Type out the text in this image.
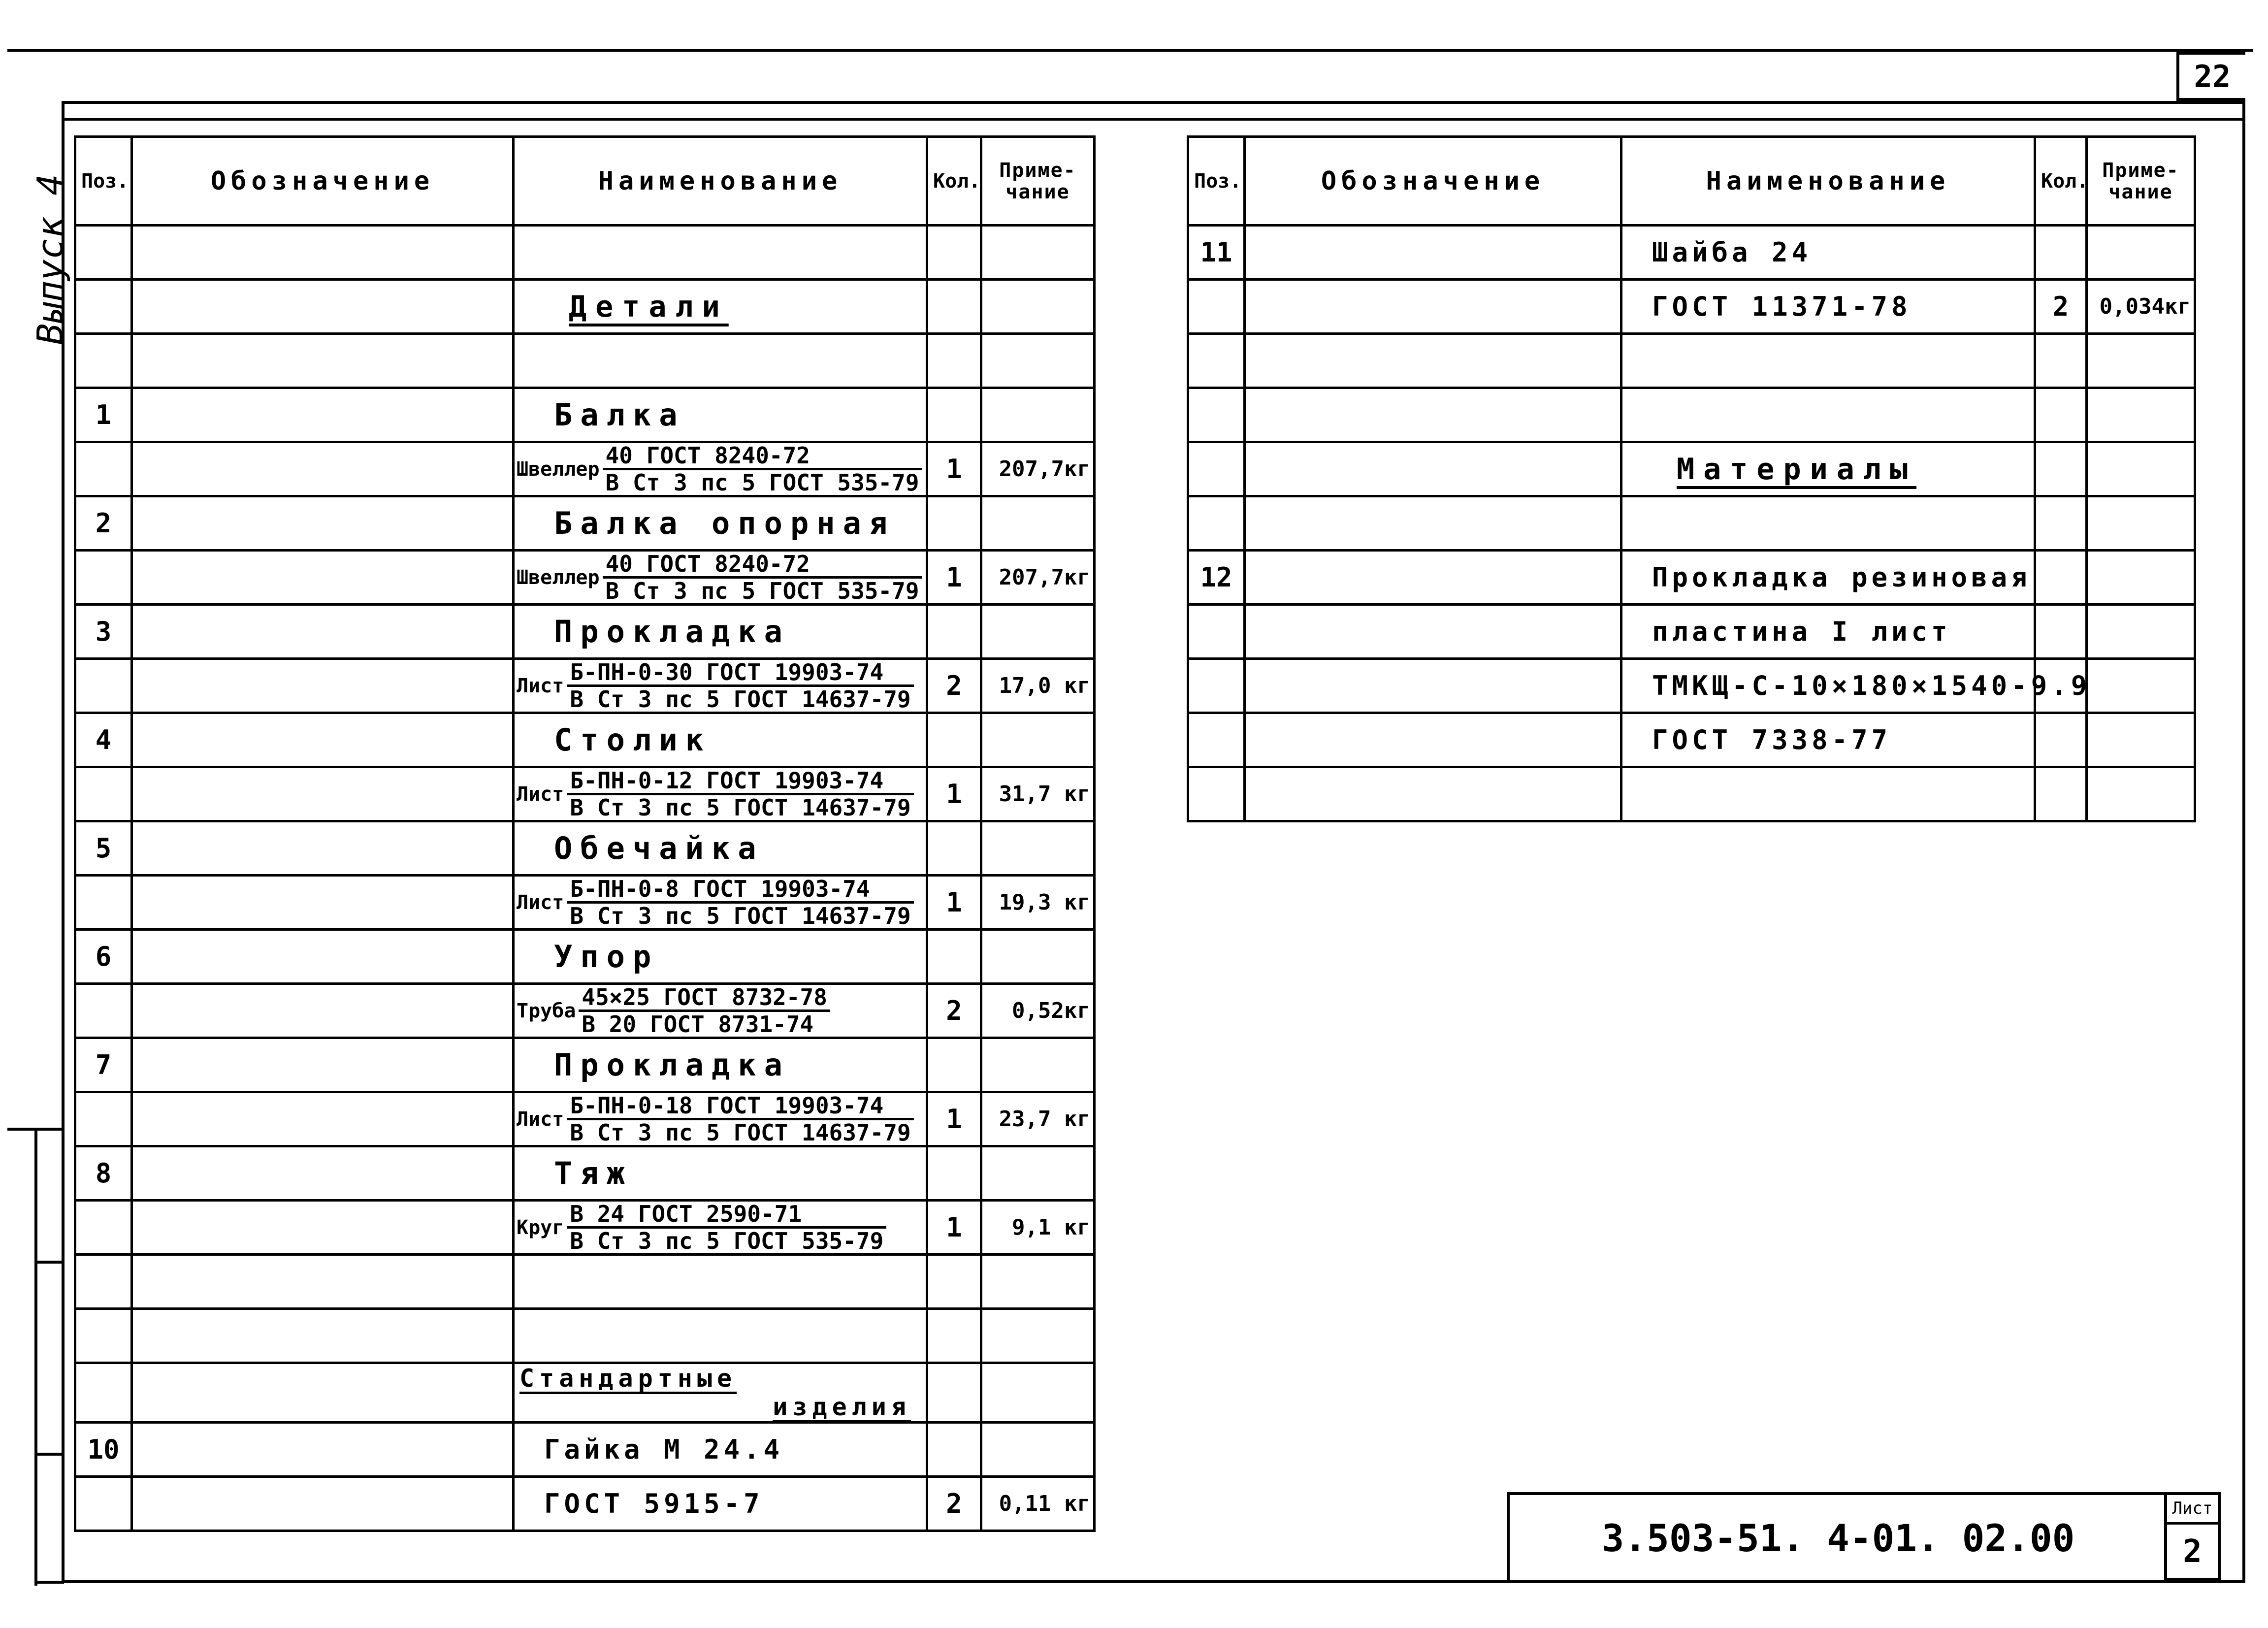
22
Выпуск 4 Поз.	Обозначение	Наименование	Кол.	Приме-чание

		Детали		

1		Балка		

		Швеллер $\frac{\text{40 ГОСТ 8240-72}}{\text{В Ст 3 пс 5 ГОСТ 535-79}}$	1	207,7кг
2		Балка опорная		

		Швеллер $\frac{\text{40 ГОСТ 8240-72}}{\text{В Ст 3 пс 5 ГОСТ 535-79}}$	1	207,7кг
3		Прокладка		

		Лист $\frac{\text{Б-ПН-0-30 ГОСТ 19903-74}}{\text{В Ст 3 пс 5 ГОСТ 14637-79}}$	2	17,0 кг
4		Столик		

		Лист $\frac{\text{Б-ПН-0-12 ГОСТ 19903-74}}{\text{В Ст 3 пс 5 ГОСТ 14637-79}}$	1	31,7 кг
5		Обечайка		

		Лист $\frac{\text{Б-ПН-0-8 ГОСТ 19903-74}}{\text{В Ст 3 пс 5 ГОСТ 14637-79}}$	1	19,3 кг
6		Упор		

		Труба $\frac{\text{45×25 ГОСТ 8732-78}}{\text{В 20 ГОСТ 8731-74}}$	2	0,52кг
7		Прокладка		

		Лист $\frac{\text{Б-ПН-0-18 ГОСТ 19903-74}}{\text{В Ст 3 пс 5 ГОСТ 14637-79}}$	1	23,7 кг
8		Тяж		

		Круг $\frac{\text{В 24 ГОСТ 2590-71}}{\text{В Ст 3 пс 5 ГОСТ 535-79}}$	1	9,1 кг

		Стандартные
изделия		

10		Гайка М 24.4		
		ГОСТ 5915-7	2	0,11 кг
Поз.	Обозначение	Наименование	Кол.	Приме-чание
11		Шайба 24		
		ГОСТ 11371-78	2	0,034кг

		Материалы		

12		Прокладка резиновая		
		пластина I лист		
		ТМКЩ-С-10×180×1540-9.9		
		ГОСТ 7338-77		

3.503-51. 4-01. 02.00
Лист
2
